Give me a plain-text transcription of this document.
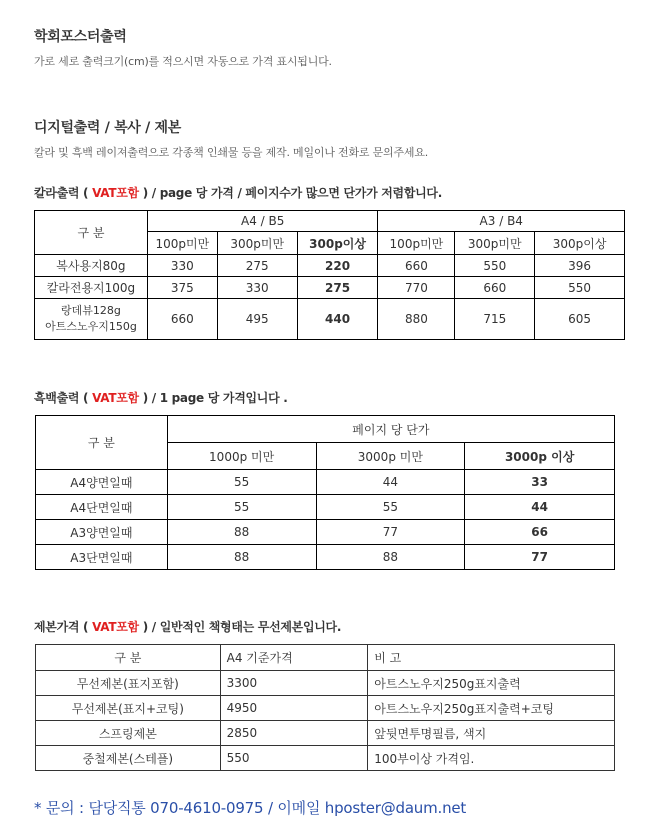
학회포스터출력
가로 세로 출력크기(cm)를 적으시면 자동으로 가격 표시됩니다.
디지털출력 / 복사 / 제본
칼라 및 흑백 레이져출력으로 각종책 인쇄물 등을 제작. 메일이나 전화로 문의주세요.
칼라출력 ( VAT포함 ) / page 당 가격 / 페이지수가 많으면 단가가 저렴합니다.
구 분	A4 / B5			A3 / B4		
	100p미만	300p미만	300p이상	100p미만	300p미만	300p이상
복사용지80g	330	275	220	660	550	396
칼라전용지100g	375	330	275	770	660	550

랑데뷰128g
아트스노우지150g	660	495	440	880	715	605
흑백출력 ( VAT포함 ) / 1 page 당 가격입니다 .
구 분	페이지 당 단가		
	1000p 미만	3000p 미만	3000p 이상
A4양면일때	55	44	33
A4단면일때	55	55	44
A3양면일때	88	77	66
A3단면일때	88	88	77
제본가격 ( VAT포함 ) / 일반적인 책형태는 무선제본입니다.
구 분	A4 기준가격	비 고
무선제본(표지포함)	3300	아트스노우지250g표지출력
무선제본(표지+코팅)	4950	아트스노우지250g표지출력+코팅
스프링제본	2850	앞뒷면투명필름, 색지
중철제본(스테플)	550	100부이상 가격임.
* 문의 : 담당직통 070-4610-0975 / 이메일 hposter@daum.net
